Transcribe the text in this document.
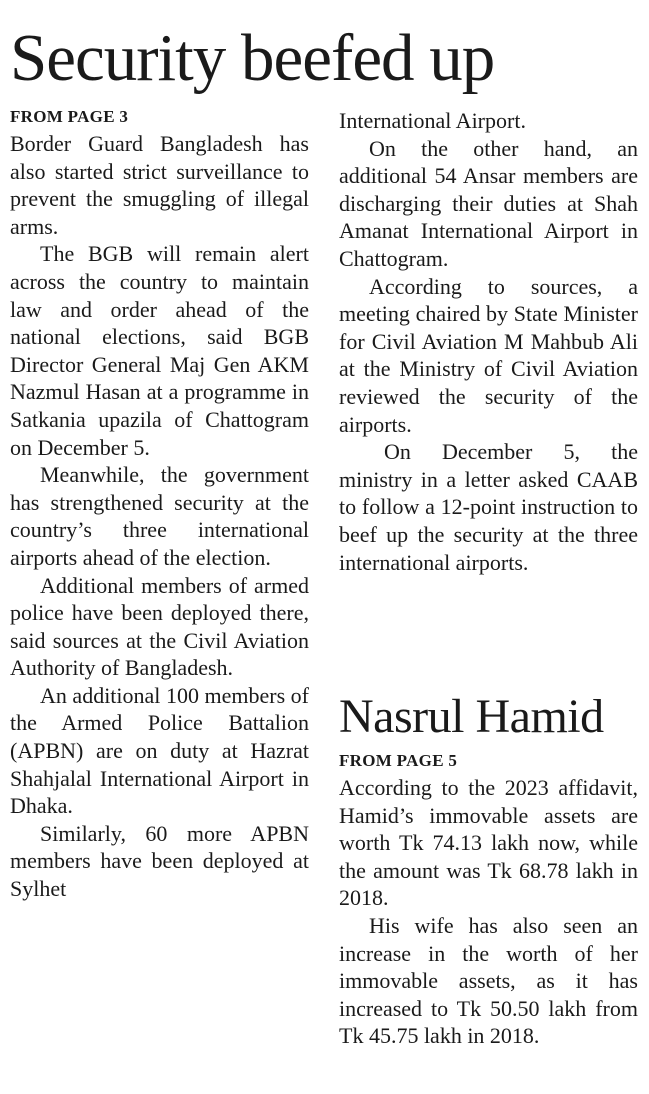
Security beefed up
FROM PAGE 3

Border Guard Bangladesh has also started strict surveillance to prevent the smuggling of illegal arms.

The BGB will remain alert across the country to maintain law and order ahead of the national elections, said BGB Director General Maj Gen AKM Nazmul Hasan at a programme in Satkania upazila of Chattogram on December 5.

Meanwhile, the government has strengthened security at the country’s three international airports ahead of the election.

Additional members of armed police have been deployed there, said sources at the Civil Aviation Authority of Bangladesh.

An additional 100 members of the Armed Police Battalion (APBN) are on duty at Hazrat Shahjalal International Airport in Dhaka.

Similarly, 60 more APBN members have been deployed at Sylhet

International Airport.

On the other hand, an additional 54 Ansar members are discharging their duties at Shah Amanat International Airport in Chattogram.

According to sources, a meeting chaired by State Minister for Civil Aviation M Mahbub Ali at the Ministry of Civil Aviation reviewed the security of the airports.

On December 5, the ministry in a letter asked CAAB to follow a 12-point instruction to beef up the security at the three international airports.

Nasrul Hamid
FROM PAGE 5

According to the 2023 affidavit, Hamid’s immovable assets are worth Tk 74.13 lakh now, while the amount was Tk 68.78 lakh in 2018.

His wife has also seen an increase in the worth of her immovable assets, as it has increased to Tk 50.50 lakh from Tk 45.75 lakh in 2018.
